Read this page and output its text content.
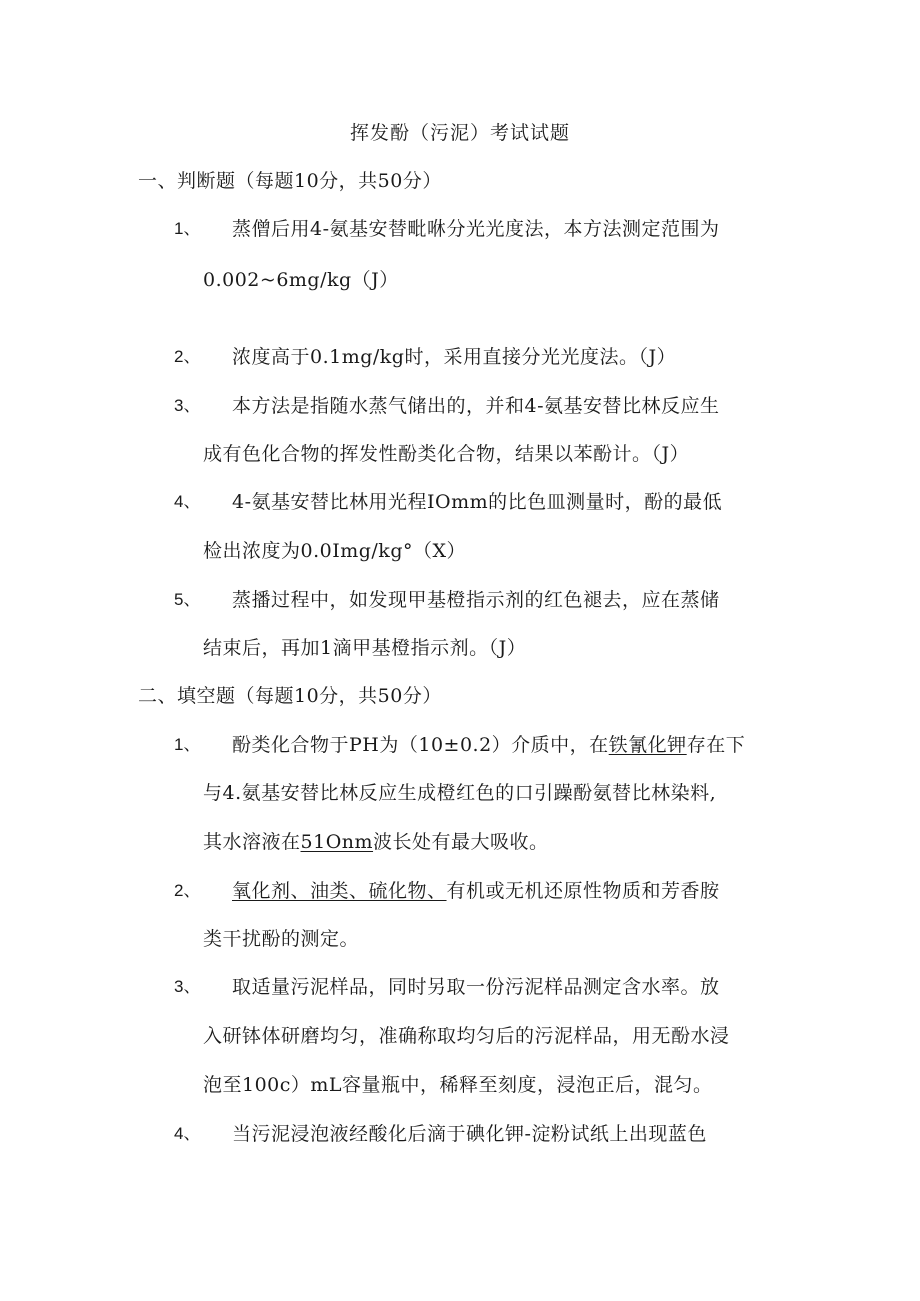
挥发酚（污泥）考试试题
一、判断题（每题10分，共50分）
1、 蒸僧后用4-氨基安替毗咻分光光度法，本方法测定范围为
0.002~6mg∕kg（J）
2、 浓度高于0.1mg∕kg时，采用直接分光光度法。（J）
3、 本方法是指随水蒸气储出的，并和4-氨基安替比林反应生
成有色化合物的挥发性酚类化合物，结果以苯酚计。（J）
4、 4-氨基安替比林用光程IOmm的比色皿测量时，酚的最低
检出浓度为0.0Img∕kg°（X）
5、 蒸播过程中，如发现甲基橙指示剂的红色褪去，应在蒸储
结束后，再加1滴甲基橙指示剂。（J）
二、填空题（每题10分，共50分）
1、 酚类化合物于PH为（10±0.2）介质中，在铁氰化钾存在下
与4.氨基安替比林反应生成橙红色的口引躁酚氨替比林染料,
其水溶液在51Onm波长处有最大吸收。
2、 氧化剂、油类、硫化物、有机或无机还原性物质和芳香胺
类干扰酚的测定。
3、 取适量污泥样品，同时另取一份污泥样品测定含水率。放
入研钵体研磨均匀，准确称取均匀后的污泥样品，用无酚水浸
泡至100c）mL容量瓶中，稀释至刻度，浸泡正后，混匀。
4、 当污泥浸泡液经酸化后滴于碘化钾-淀粉试纸上出现蓝色
